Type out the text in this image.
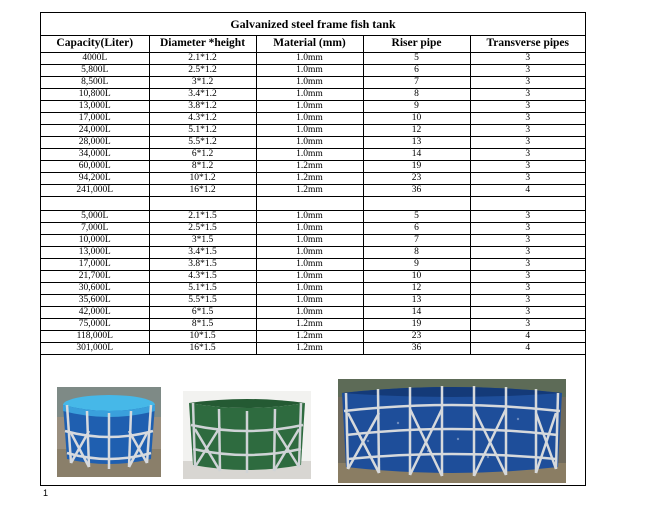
Galvanized steel frame fish tank
Capacity(Liter)	Diameter *height	Material (mm)	Riser pipe	Transverse pipes
4000L	2.1*1.2	1.0mm	5	3
5,800L	2.5*1.2	1.0mm	6	3
8,500L	3*1.2	1.0mm	7	3
10,800L	3.4*1.2	1.0mm	8	3
13,000L	3.8*1.2	1.0mm	9	3
17,000L	4.3*1.2	1.0mm	10	3
24,000L	5.1*1.2	1.0mm	12	3
28,000L	5.5*1.2	1.0mm	13	3
34,000L	6*1.2	1.0mm	14	3
60,000L	8*1.2	1.2mm	19	3
94,200L	10*1.2	1.2mm	23	3
241,000L	16*1.2	1.2mm	36	4

5,000L	2.1*1.5	1.0mm	5	3
7,000L	2.5*1.5	1.0mm	6	3
10,000L	3*1.5	1.0mm	7	3
13,000L	3.4*1.5	1.0mm	8	3
17,000L	3.8*1.5	1.0mm	9	3
21,700L	4.3*1.5	1.0mm	10	3
30,600L	5.1*1.5	1.0mm	12	3
35,600L	5.5*1.5	1.0mm	13	3
42,000L	6*1.5	1.0mm	14	3
75,000L	8*1.5	1.2mm	19	3
118,000L	10*1.5	1.2mm	23	4
301,000L	16*1.5	1.2mm	36	4
1
